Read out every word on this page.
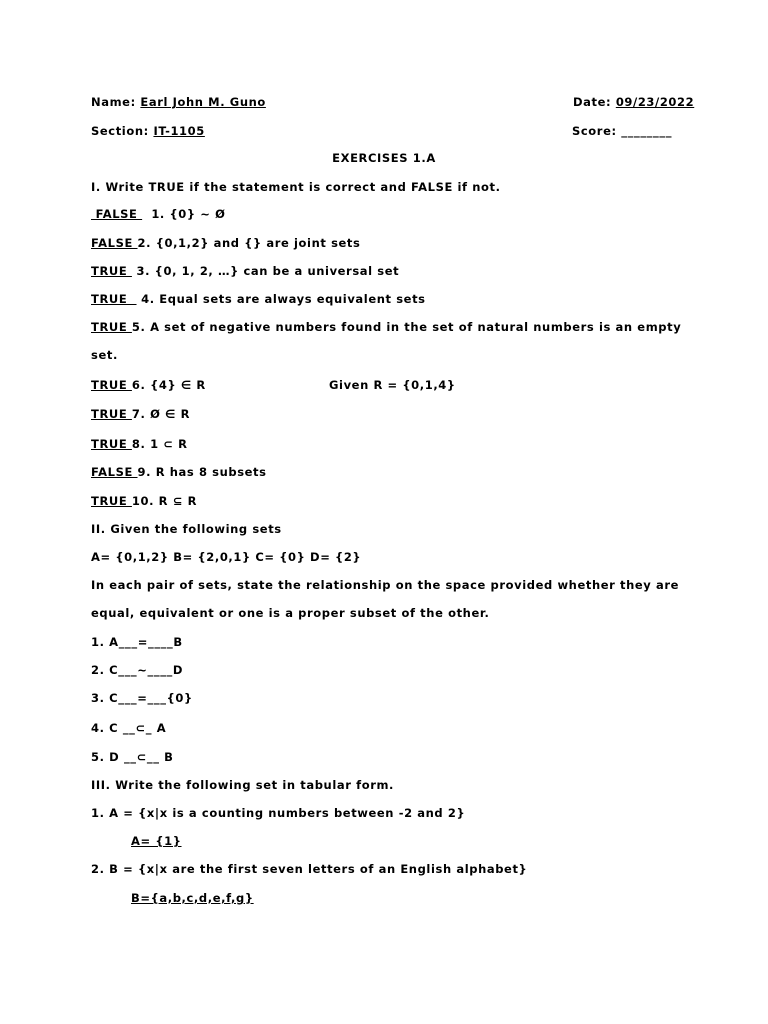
Name: Earl John M. Guno	Date: 09/23/2022
Section: IT-1105	Score: ________
EXERCISES 1.A
I. Write TRUE if the statement is correct and FALSE if not.
FALSE   1. {0} ~ Ø
FALSE 2. {0,1,2} and {} are joint sets
TRUE  3. {0, 1, 2, …} can be a universal set
TRUE   4. Equal sets are always equivalent sets
TRUE 5. A set of negative numbers found in the set of natural numbers is an empty
set.
TRUE 6. {4} ∈ R	Given R = {0,1,4}
TRUE 7. Ø ∈ R
TRUE 8. 1 ⊂ R
FALSE 9. R has 8 subsets
TRUE 10. R ⊆ R
II. Given the following sets
A= {0,1,2} B= {2,0,1} C= {0} D= {2}
In each pair of sets, state the relationship on the space provided whether they are
equal, equivalent or one is a proper subset of the other.
1. A___=____B
2. C___~____D
3. C___=___{0}
4. C __⊂_ A
5. D __⊂__ B
III. Write the following set in tabular form.
1. A = {x|x is a counting numbers between -2 and 2}
A= {1}
2. B = {x|x are the first seven letters of an English alphabet}
B={a,b,c,d,e,f,g}
